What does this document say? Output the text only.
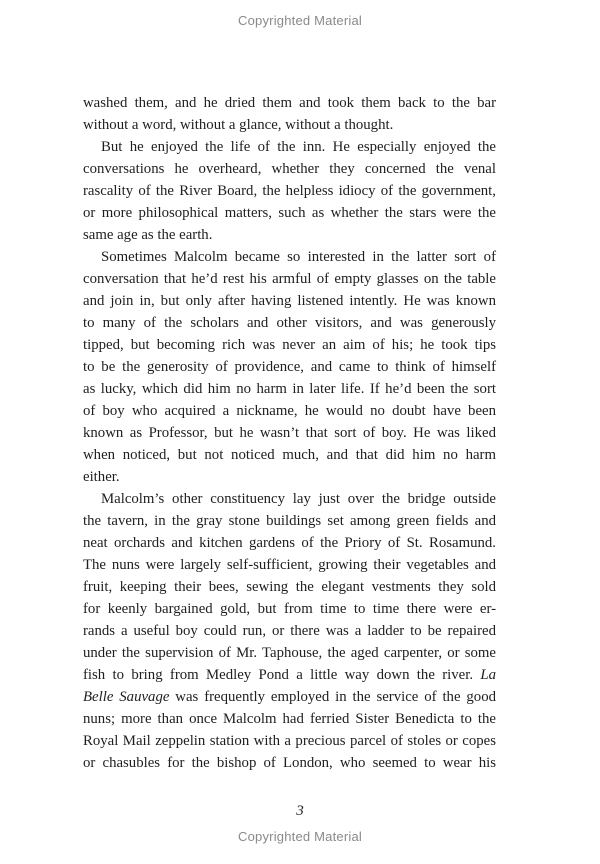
Copyrighted Material
washed them, and he dried them and took them back to the bar
without a word, without a glance, without a thought.
But he enjoyed the life of the inn. He especially enjoyed the
conversations he overheard, whether they concerned the venal
rascality of the River Board, the helpless idiocy of the government,
or more philosophical matters, such as whether the stars were the
same age as the earth.
Sometimes Malcolm became so interested in the latter sort of
conversation that he’d rest his armful of empty glasses on the table
and join in, but only after having listened intently. He was known
to many of the scholars and other visitors, and was generously
tipped, but becoming rich was never an aim of his; he took tips
to be the generosity of providence, and came to think of himself
as lucky, which did him no harm in later life. If he’d been the sort
of boy who acquired a nickname, he would no doubt have been
known as Professor, but he wasn’t that sort of boy. He was liked
when noticed, but not noticed much, and that did him no harm
either.
Malcolm’s other constituency lay just over the bridge outside
the tavern, in the gray stone buildings set among green fields and
neat orchards and kitchen gardens of the Priory of St. Rosamund.
The nuns were largely self-sufficient, growing their vegetables and
fruit, keeping their bees, sewing the elegant vestments they sold
for keenly bargained gold, but from time to time there were er-
rands a useful boy could run, or there was a ladder to be repaired
under the supervision of Mr. Taphouse, the aged carpenter, or some
fish to bring from Medley Pond a little way down the river. La
Belle Sauvage was frequently employed in the service of the good
nuns; more than once Malcolm had ferried Sister Benedicta to the
Royal Mail zeppelin station with a precious parcel of stoles or copes
or chasubles for the bishop of London, who seemed to wear his
3
Copyrighted Material
